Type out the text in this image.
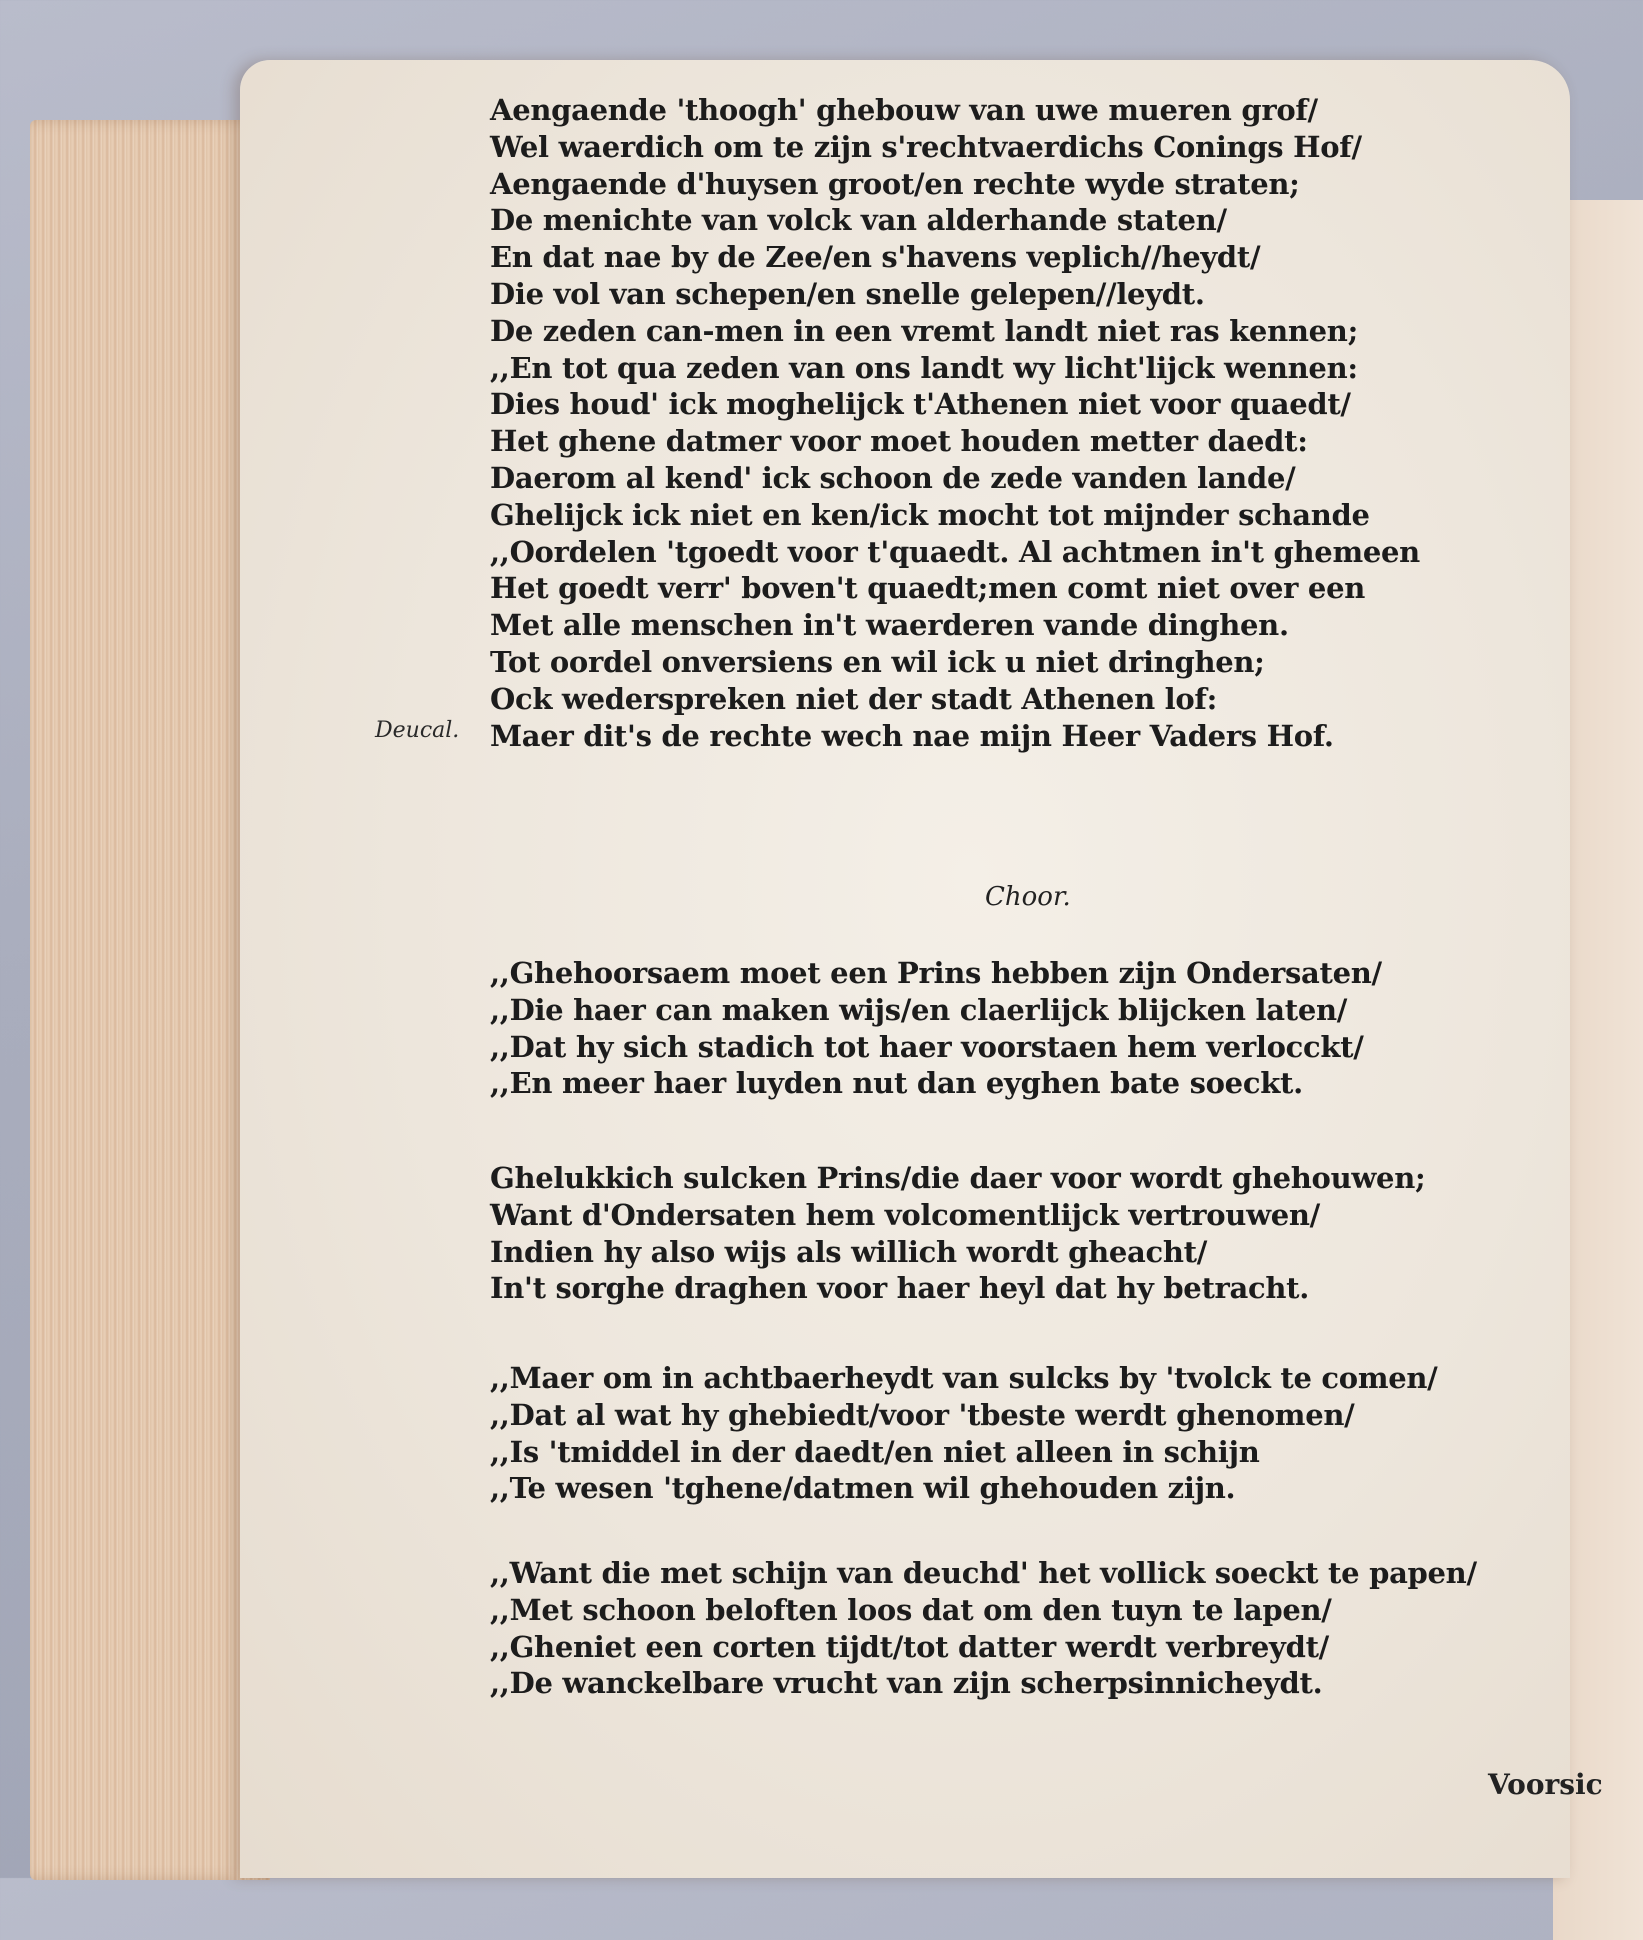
Aengaende 'thoogh' ghebouw van uwe mueren grof/
Wel waerdich om te zijn s'rechtvaerdichs Conings Hof/
Aengaende d'huysen groot/en rechte wyde straten;
De menichte van volck van alderhande staten/
En dat nae by de Zee/en s'havens veplich//heydt/
Die vol van schepen/en snelle gelepen//leydt.
De zeden can-men in een vremt landt niet ras kennen;
,,En tot qua zeden van ons landt wy licht'lijck wennen:
Dies houd' ick moghelijck t'Athenen niet voor quaedt/
Het ghene datmer voor moet houden metter daedt:
Daerom al kend' ick schoon de zede vanden lande/
Ghelijck ick niet en ken/ick mocht tot mijnder schande
,,Oordelen 'tgoedt voor t'quaedt. Al achtmen in't ghemeen
Het goedt verr' boven't quaedt;men comt niet over een
Met alle menschen in't waerderen vande dinghen.
Tot oordel onversiens en wil ick u niet dringhen;
Ock wederspreken niet der stadt Athenen lof:
Maer dit's de rechte wech nae mijn Heer Vaders Hof.
Deucal.
Choor.
,,Ghehoorsaem moet een Prins hebben zijn Ondersaten/
,,Die haer can maken wijs/en claerlijck blijcken laten/
,,Dat hy sich stadich tot haer voorstaen hem verlocckt/
,,En meer haer luyden nut dan eyghen bate soeckt.
Ghelukkich sulcken Prins/die daer voor wordt ghehouwen;
Want d'Ondersaten hem volcomentlijck vertrouwen/
Indien hy also wijs als willich wordt gheacht/
In't sorghe draghen voor haer heyl dat hy betracht.
,,Maer om in achtbaerheydt van sulcks by 'tvolck te comen/
,,Dat al wat hy ghebiedt/voor 'tbeste werdt ghenomen/
,,Is 'tmiddel in der daedt/en niet alleen in schijn
,,Te wesen 'tghene/datmen wil ghehouden zijn.
,,Want die met schijn van deuchd' het vollick soeckt te papen/
,,Met schoon beloften loos dat om den tuyn te lapen/
,,Gheniet een corten tijdt/tot datter werdt verbreydt/
,,De wanckelbare vrucht van zijn scherpsinnicheydt.
Voorsic
